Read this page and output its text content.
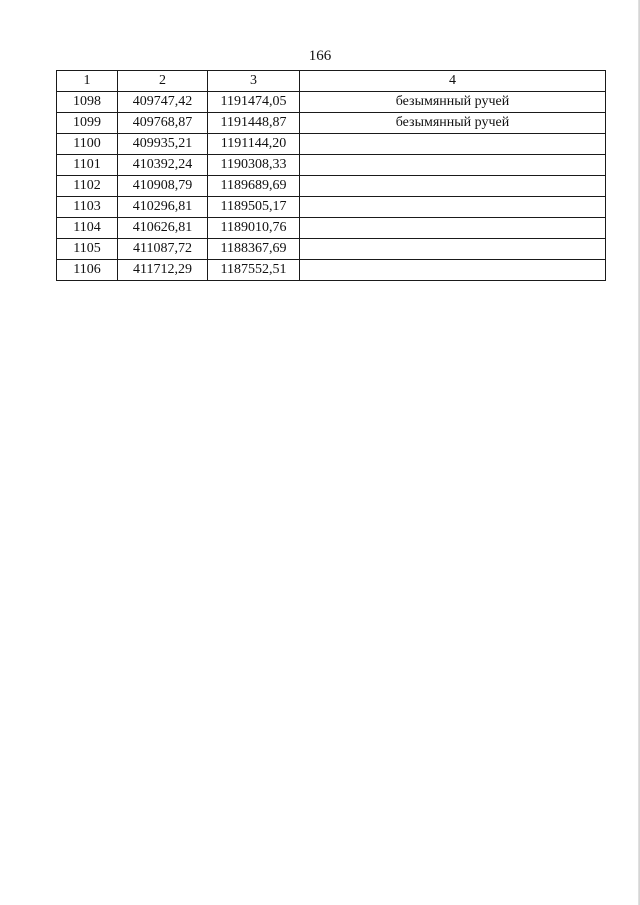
166
1	2	3	4
1098	409747,42	1191474,05	безымянный ручей
1099	409768,87	1191448,87	безымянный ручей
1100	409935,21	1191144,20	
1101	410392,24	1190308,33	
1102	410908,79	1189689,69	
1103	410296,81	1189505,17	
1104	410626,81	1189010,76	
1105	411087,72	1188367,69	
1106	411712,29	1187552,51	
